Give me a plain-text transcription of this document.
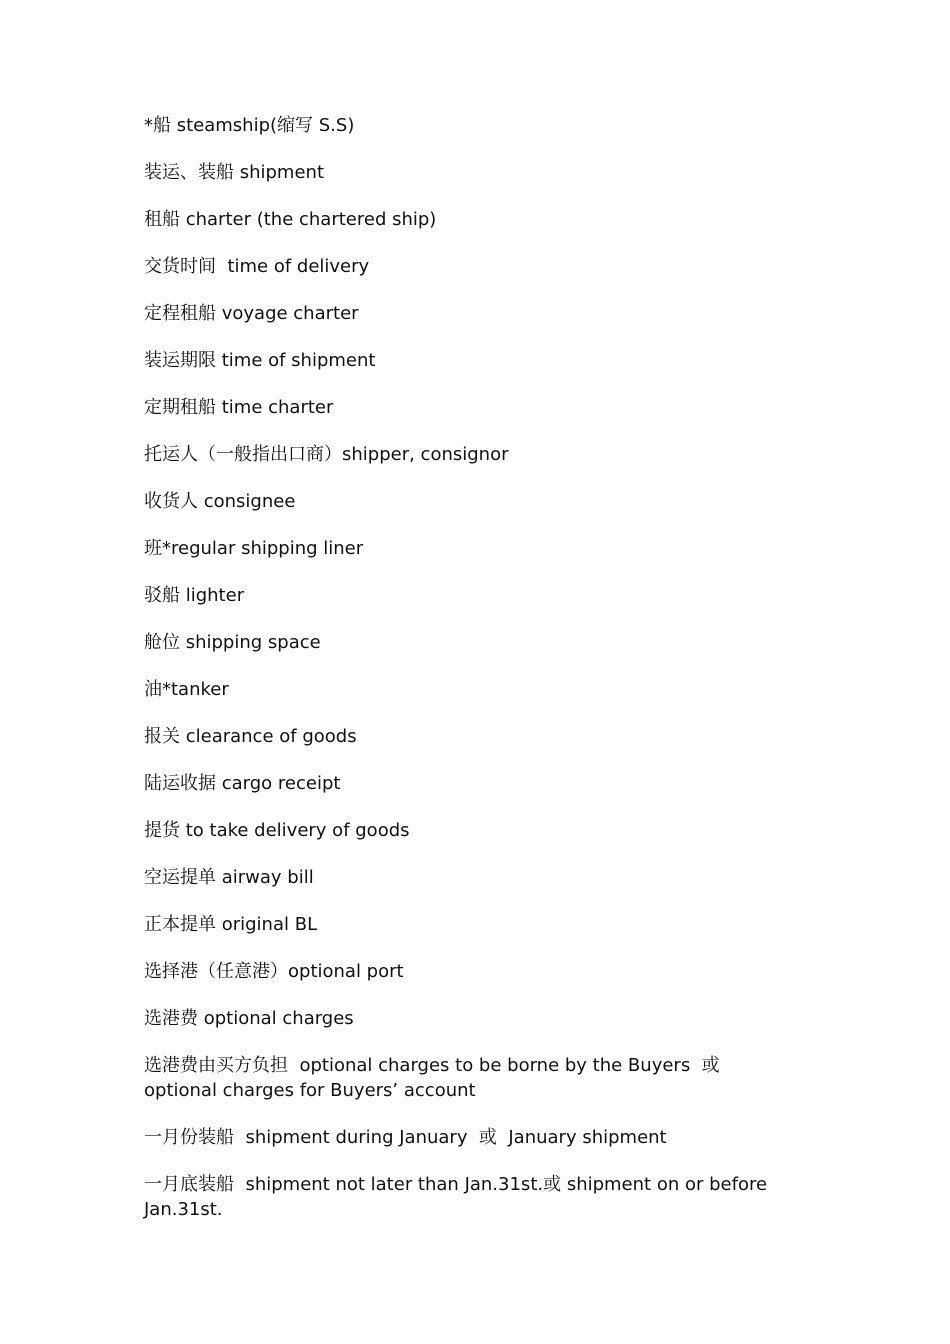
*船 steamship(缩写 S.S)
装运、装船 shipment
租船 charter (the chartered ship)
交货时间  time of delivery
定程租船 voyage charter
装运期限 time of shipment
定期租船 time charter
托运人（一般指出口商）shipper, consignor
收货人 consignee
班*regular shipping liner
驳船 lighter
舱位 shipping space
油*tanker
报关 clearance of goods
陆运收据 cargo receipt
提货 to take delivery of goods
空运提单 airway bill
正本提单 original BL
选择港（任意港）optional port
选港费 optional charges
选港费由买方负担  optional charges to be borne by the Buyers  或  optional charges for Buyers’ account
一月份装船  shipment during January  或  January shipment
一月底装船  shipment not later than Jan.31st.或 shipment on or before Jan.31st.
